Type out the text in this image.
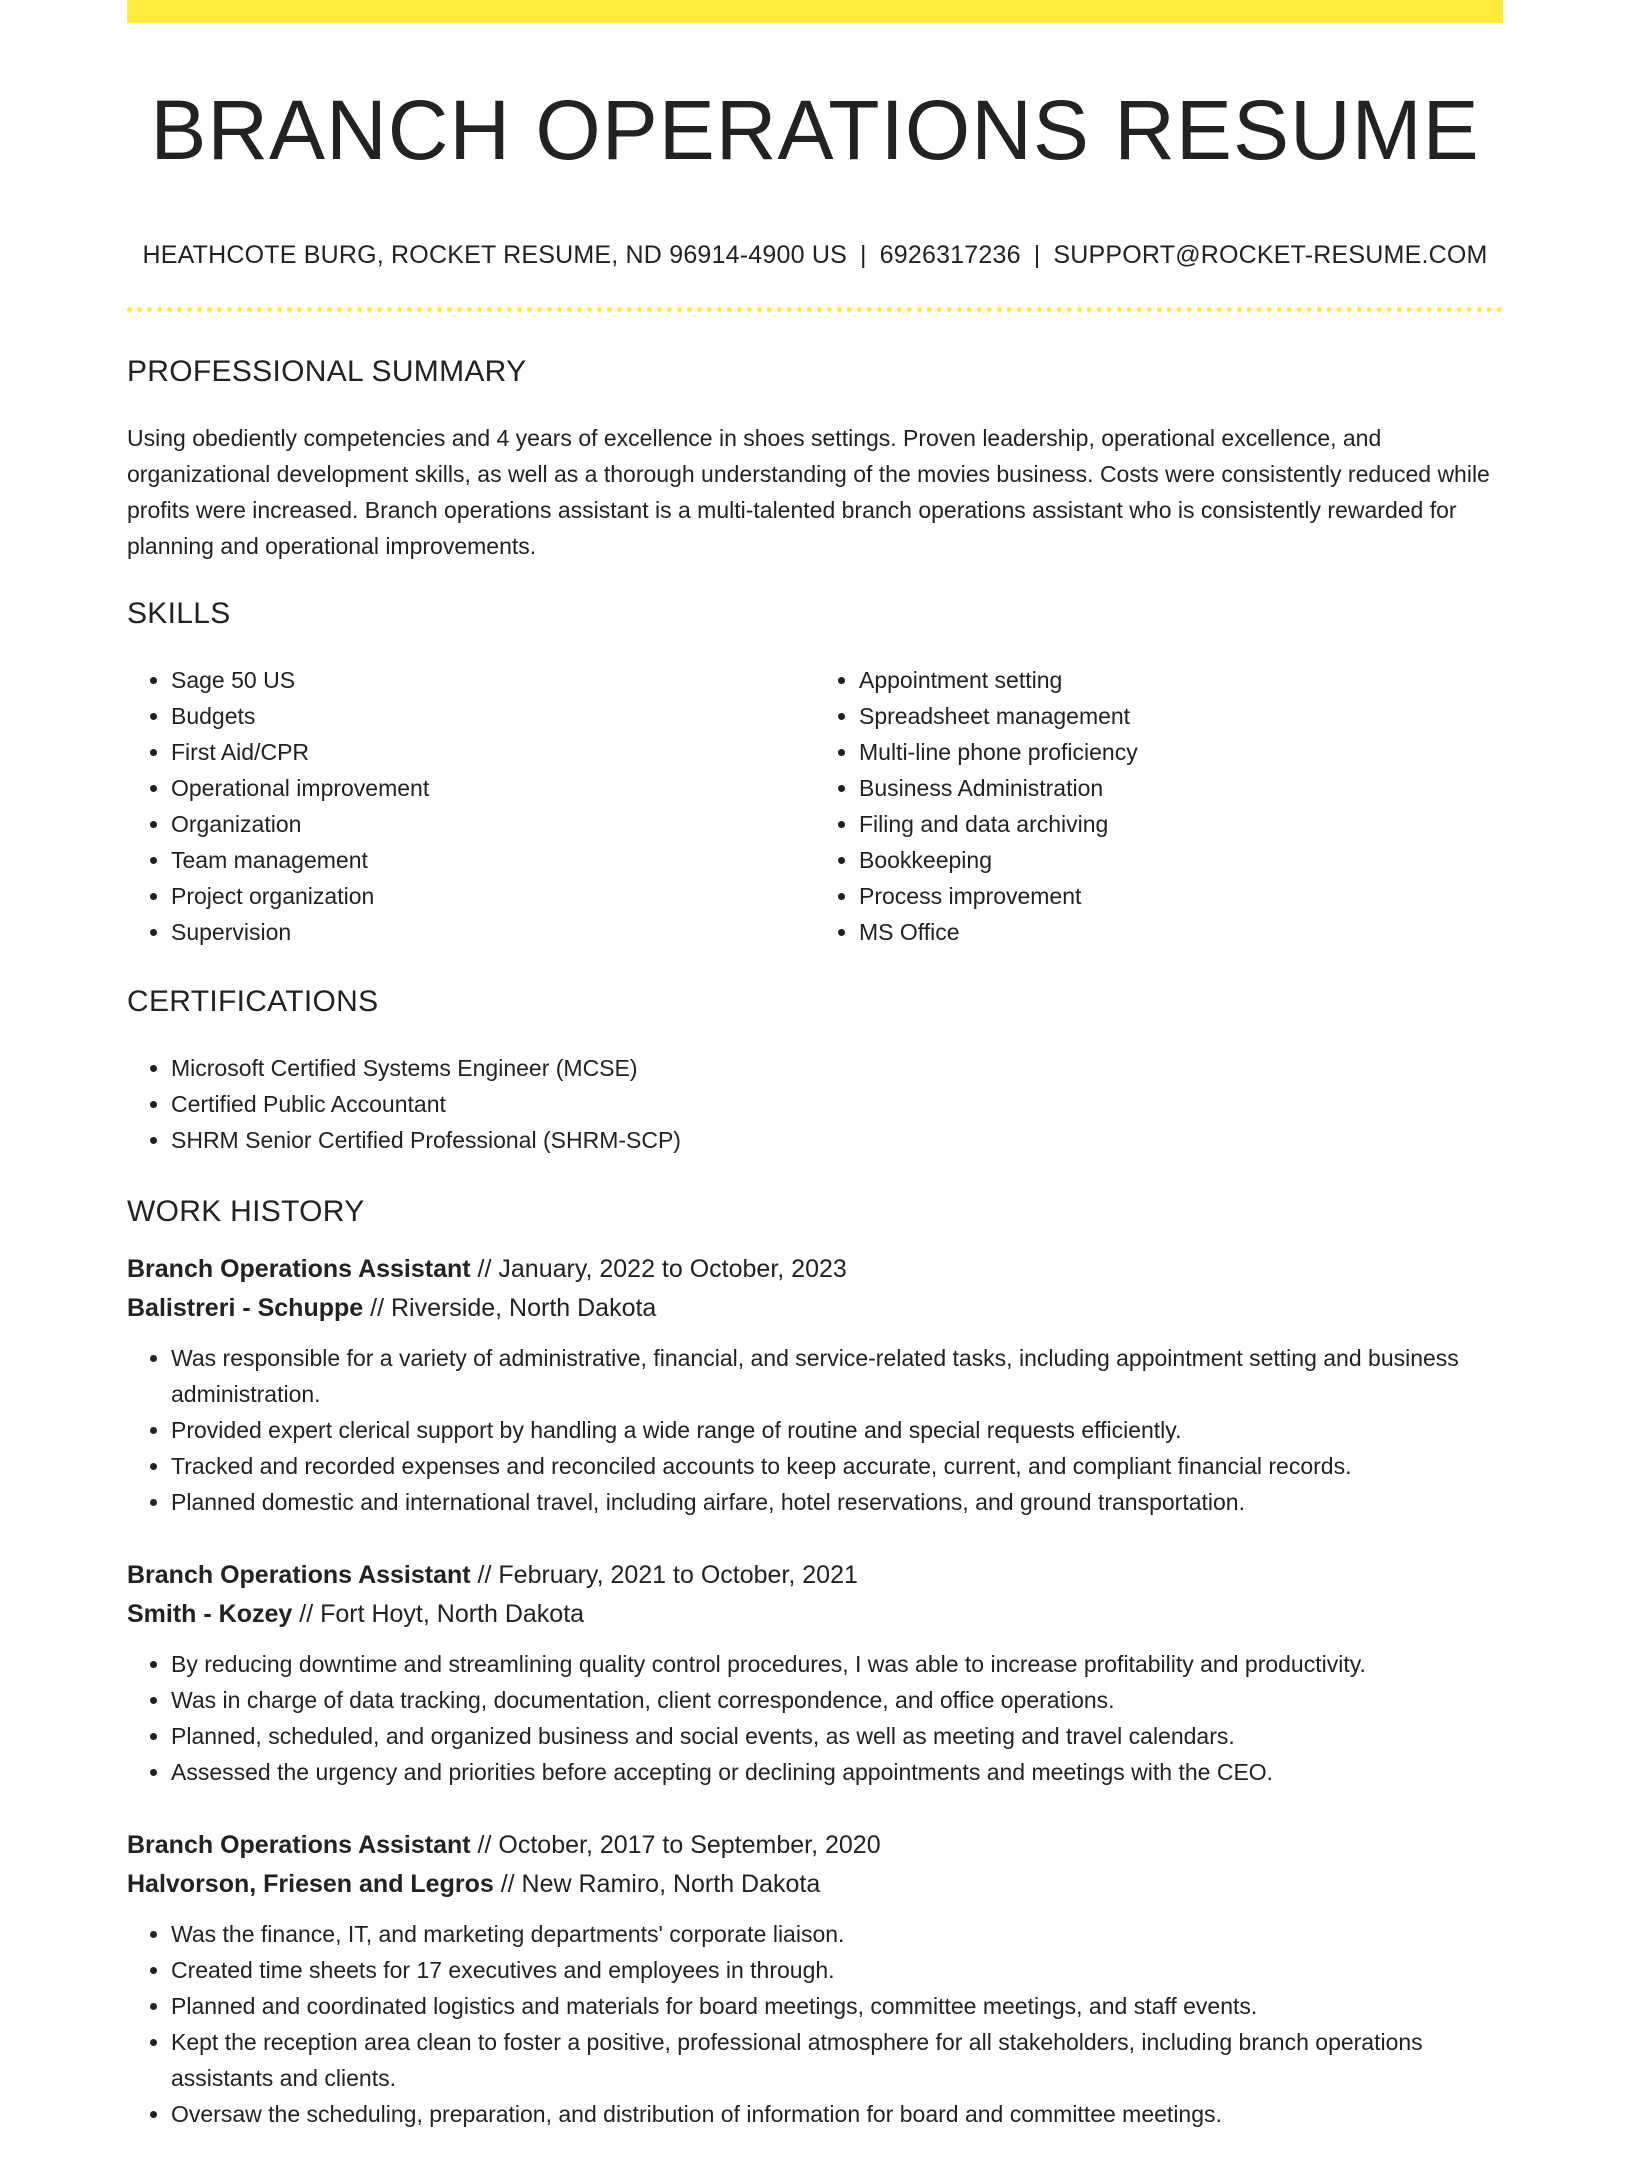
BRANCH OPERATIONS RESUME
HEATHCOTE BURG, ROCKET RESUME, ND 96914-4900 US | 6926317236 | SUPPORT@ROCKET-RESUME.COM
PROFESSIONAL SUMMARY

Using obediently competencies and 4 years of excellence in shoes settings. Proven leadership, operational excellence, and organizational development skills, as well as a thorough understanding of the movies business. Costs were consistently reduced while profits were increased. Branch operations assistant is a multi-talented branch operations assistant who is consistently rewarded for planning and operational improvements.

SKILLS
• Sage 50 US
• Budgets
• First Aid/CPR
• Operational improvement
• Organization
• Team management
• Project organization
• Supervision
• Appointment setting
• Spreadsheet management
• Multi-line phone proficiency
• Business Administration
• Filing and data archiving
• Bookkeeping
• Process improvement
• MS Office
CERTIFICATIONS
• Microsoft Certified Systems Engineer (MCSE)
• Certified Public Accountant
• SHRM Senior Certified Professional (SHRM-SCP)
WORK HISTORY

Branch Operations Assistant // January, 2022 to October, 2023

Balistreri - Schuppe // Riverside, North Dakota

• Was responsible for a variety of administrative, financial, and service-related tasks, including appointment setting and business administration.
• Provided expert clerical support by handling a wide range of routine and special requests efficiently.
• Tracked and recorded expenses and reconciled accounts to keep accurate, current, and compliant financial records.
• Planned domestic and international travel, including airfare, hotel reservations, and ground transportation.

Branch Operations Assistant // February, 2021 to October, 2021

Smith - Kozey // Fort Hoyt, North Dakota

• By reducing downtime and streamlining quality control procedures, I was able to increase profitability and productivity.
• Was in charge of data tracking, documentation, client correspondence, and office operations.
• Planned, scheduled, and organized business and social events, as well as meeting and travel calendars.
• Assessed the urgency and priorities before accepting or declining appointments and meetings with the CEO.

Branch Operations Assistant // October, 2017 to September, 2020

Halvorson, Friesen and Legros // New Ramiro, North Dakota

• Was the finance, IT, and marketing departments' corporate liaison.
• Created time sheets for 17 executives and employees in through.
• Planned and coordinated logistics and materials for board meetings, committee meetings, and staff events.
• Kept the reception area clean to foster a positive, professional atmosphere for all stakeholders, including branch operations assistants and clients.
• Oversaw the scheduling, preparation, and distribution of information for board and committee meetings.
